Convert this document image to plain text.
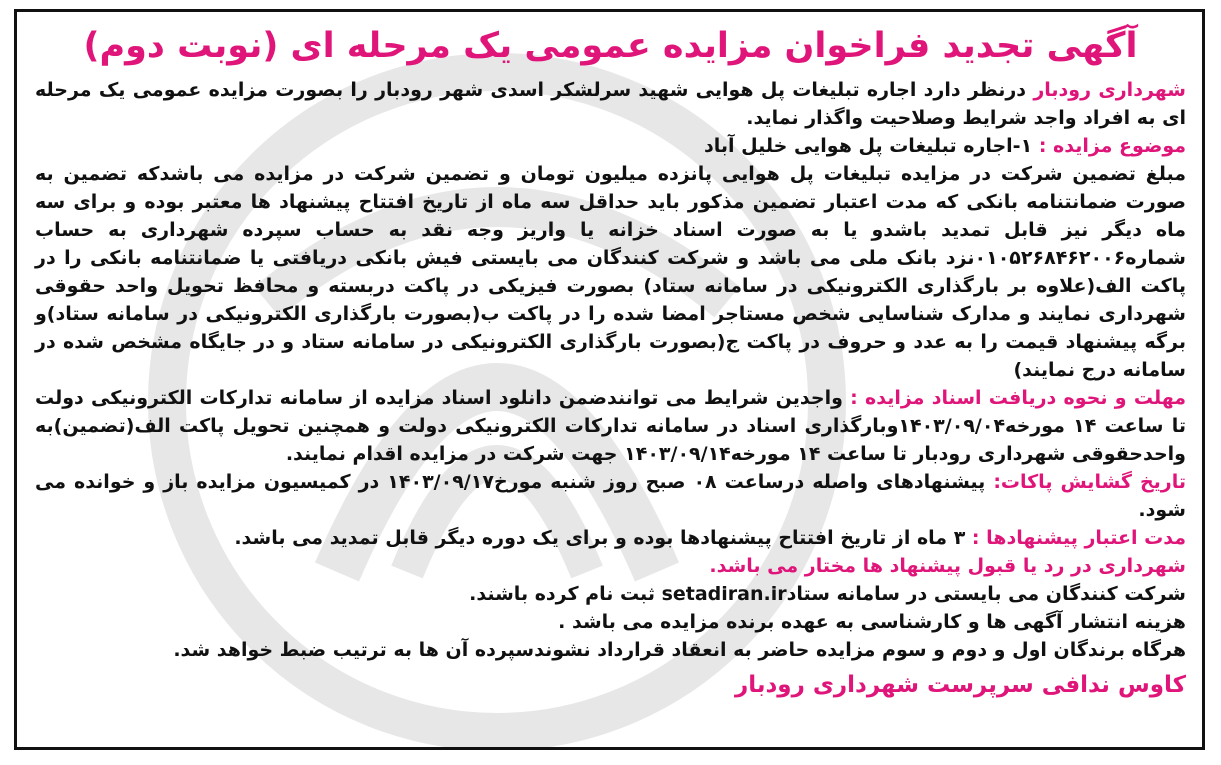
آگهی تجدید فراخوان مزایده عمومی یک مرحله ای (نوبت دوم)

شهرداری رودبار درنظر دارد اجاره تبلیغات پل هوایی شهید سرلشکر اسدی شهر رودبار را بصورت مزایده عمومی یک مرحله ای به افراد واجد شرایط وصلاحیت واگذار نماید.

موضوع مزایده : ۱-اجاره تبلیغات پل هوایی خلیل آباد

مبلغ تضمین شرکت در مزایده تبلیغات پل هوایی پانزده میلیون تومان و تضمین شرکت در مزایده می باشدکه تضمین به صورت ضمانتنامه بانکی که مدت اعتبار تضمین مذکور باید حداقل سه ماه از تاریخ افتتاح پیشنهاد ها معتبر بوده و برای سه ماه دیگر نیز قابل تمدید باشدو یا به صورت اسناد خزانه یا واریز وجه نقد به حساب سپرده شهرداری به حساب شماره۰۱۰۵۲۶۸۴۶۲۰۰۶نزد بانک ملی می باشد و شرکت کنندگان می بایستی فیش بانکی دریافتی یا ضمانتنامه بانکی را در پاکت الف(علاوه بر بارگذاری الکترونیکی در سامانه ستاد) بصورت فیزیکی در پاکت دربسته و محافظ تحویل واحد حقوقی شهرداری نمایند و مدارک شناسایی شخص مستاجر امضا شده را در پاکت ب(بصورت بارگذاری الکترونیکی در سامانه ستاد)و برگه پیشنهاد قیمت را به عدد و حروف در پاکت ج(بصورت بارگذاری الکترونیکی در سامانه ستاد و در جایگاه مشخص شده در سامانه درج نمایند)

مهلت و نحوه دریافت اسناد مزایده : واجدین شرایط می توانندضمن دانلود اسناد مزایده از سامانه تدارکات الکترونیکی دولت تا ساعت ۱۴ مورخه۱۴۰۳/۰۹/۰۴وبارگذاری اسناد در سامانه تدارکات الکترونیکی دولت و همچنین تحویل پاکت الف(تضمین)به واحدحقوقی شهرداری رودبار تا ساعت ۱۴ مورخه۱۴۰۳/۰۹/۱۴ جهت شرکت در مزایده اقدام نمایند.

تاریخ گشایش پاکات: پیشنهادهای واصله درساعت ۰۸ صبح روز شنبه مورخ۱۴۰۳/۰۹/۱۷ در کمیسیون مزایده باز و خوانده می شود.

مدت اعتبار پیشنهادها : ۳ ماه از تاریخ افتتاح پیشنهادها بوده و برای یک دوره دیگر قابل تمدید می باشد.

شهرداری در رد یا قبول پیشنهاد ها مختار می باشد.

شرکت کنندگان می بایستی در سامانه ستادsetadiran.ir ثبت نام کرده باشند.

هزینه انتشار آگهی ها و کارشناسی به عهده برنده مزایده می باشد .

هرگاه برندگان اول و دوم و سوم مزایده حاضر به انعقاد قرارداد نشوندسپرده آن ها به ترتیب ضبط خواهد شد.

کاوس ندافی سرپرست شهرداری رودبار
